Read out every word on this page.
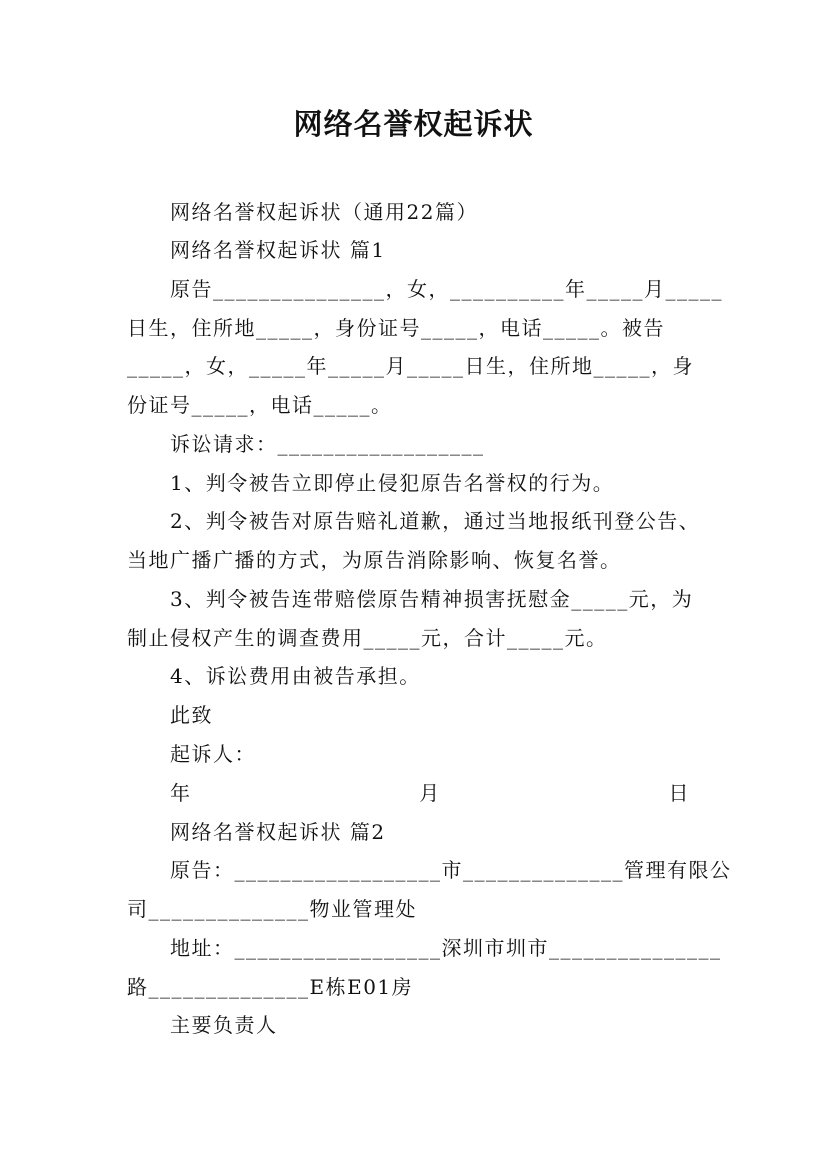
网络名誉权起诉状
网络名誉权起诉状（通用22篇）
网络名誉权起诉状 篇1
原告_______________，女，__________年_____月_____
日生，住所地_____，身份证号_____，电话_____。被告
_____，女，_____年_____月_____日生，住所地_____，身
份证号_____，电话_____。
诉讼请求：__________________
1、判令被告立即停止侵犯原告名誉权的行为。
2、判令被告对原告赔礼道歉，通过当地报纸刊登公告、
当地广播广播的方式，为原告消除影响、恢复名誉。
3、判令被告连带赔偿原告精神损害抚慰金_____元，为
制止侵权产生的调查费用_____元，合计_____元。
4、诉讼费用由被告承担。
此致
起诉人：
年	月	日
网络名誉权起诉状 篇2
原告：__________________市______________管理有限公
司______________物业管理处
地址：__________________深圳市圳市_______________
路______________E栋E01房
主要负责人
